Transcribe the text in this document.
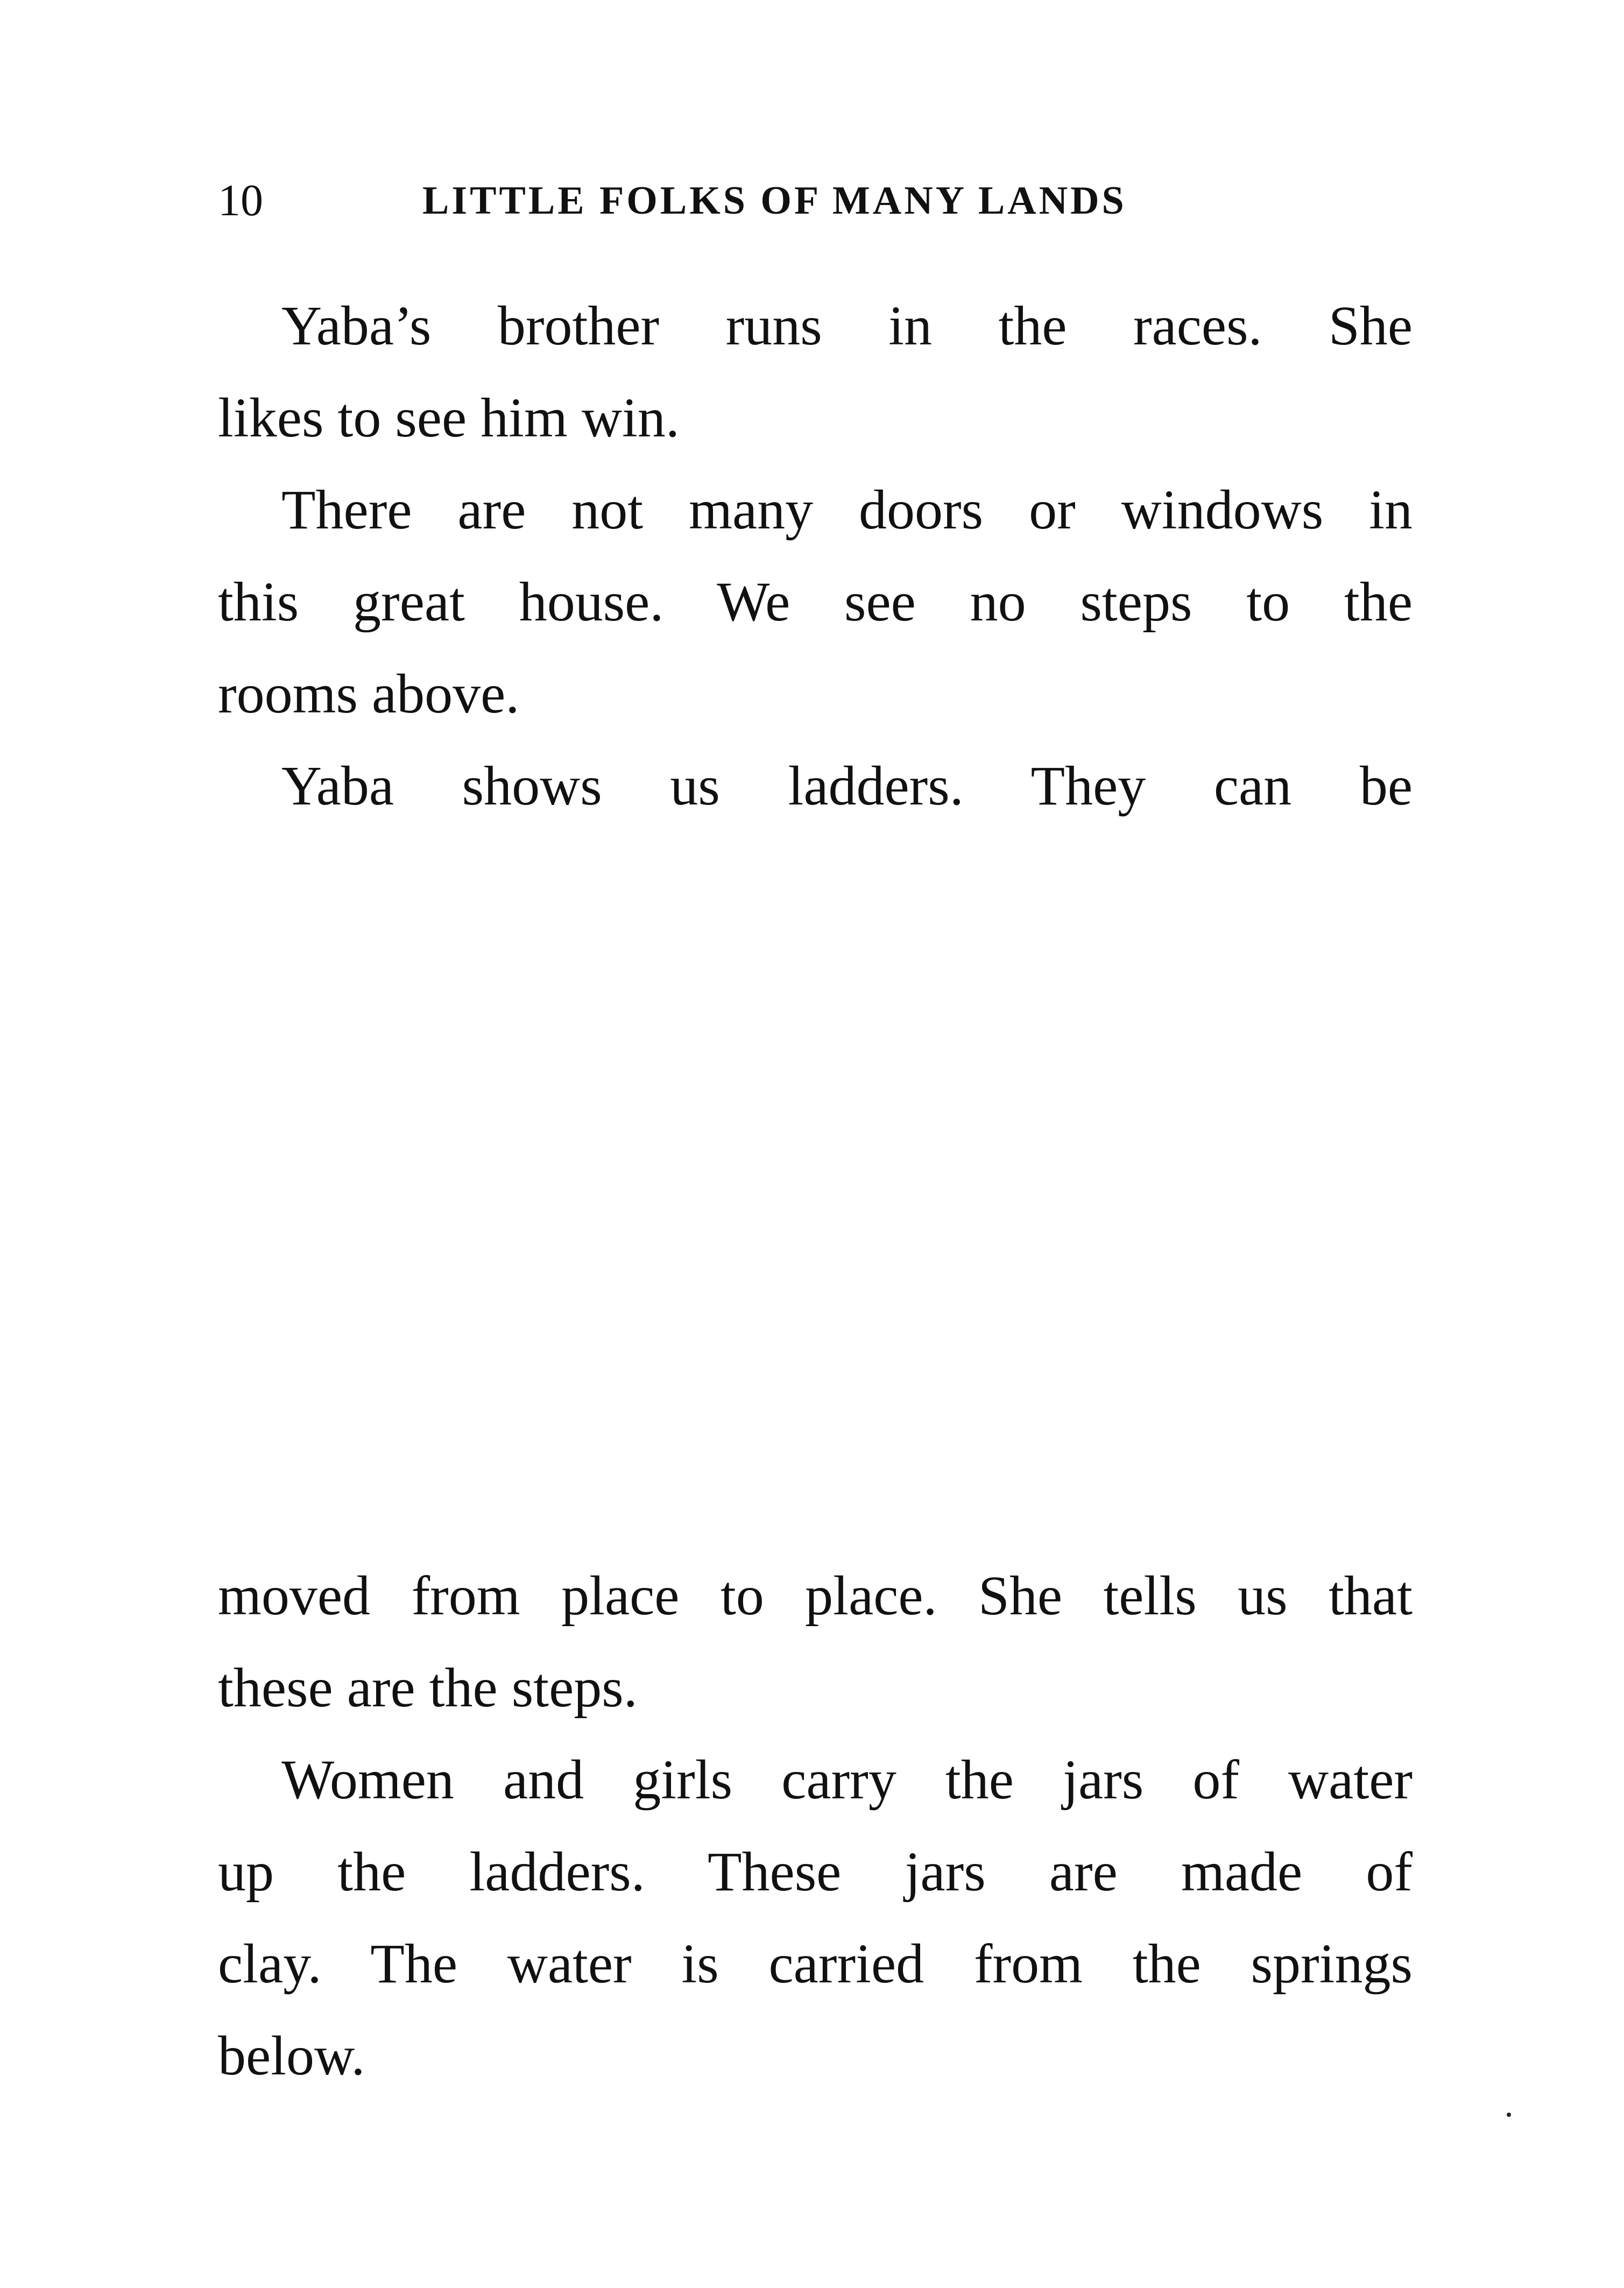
10	LITTLE FOLKS OF MANY LANDS
Yaba’s brother runs in the races. She
likes to see him win.
There are not many doors or windows in
this great house. We see no steps to the
rooms above.
Yaba shows us ladders. They can be
moved from place to place. She tells us that
these are the steps.
Women and girls carry the jars of water
up the ladders. These jars are made of
clay. The water is carried from the springs
below.
